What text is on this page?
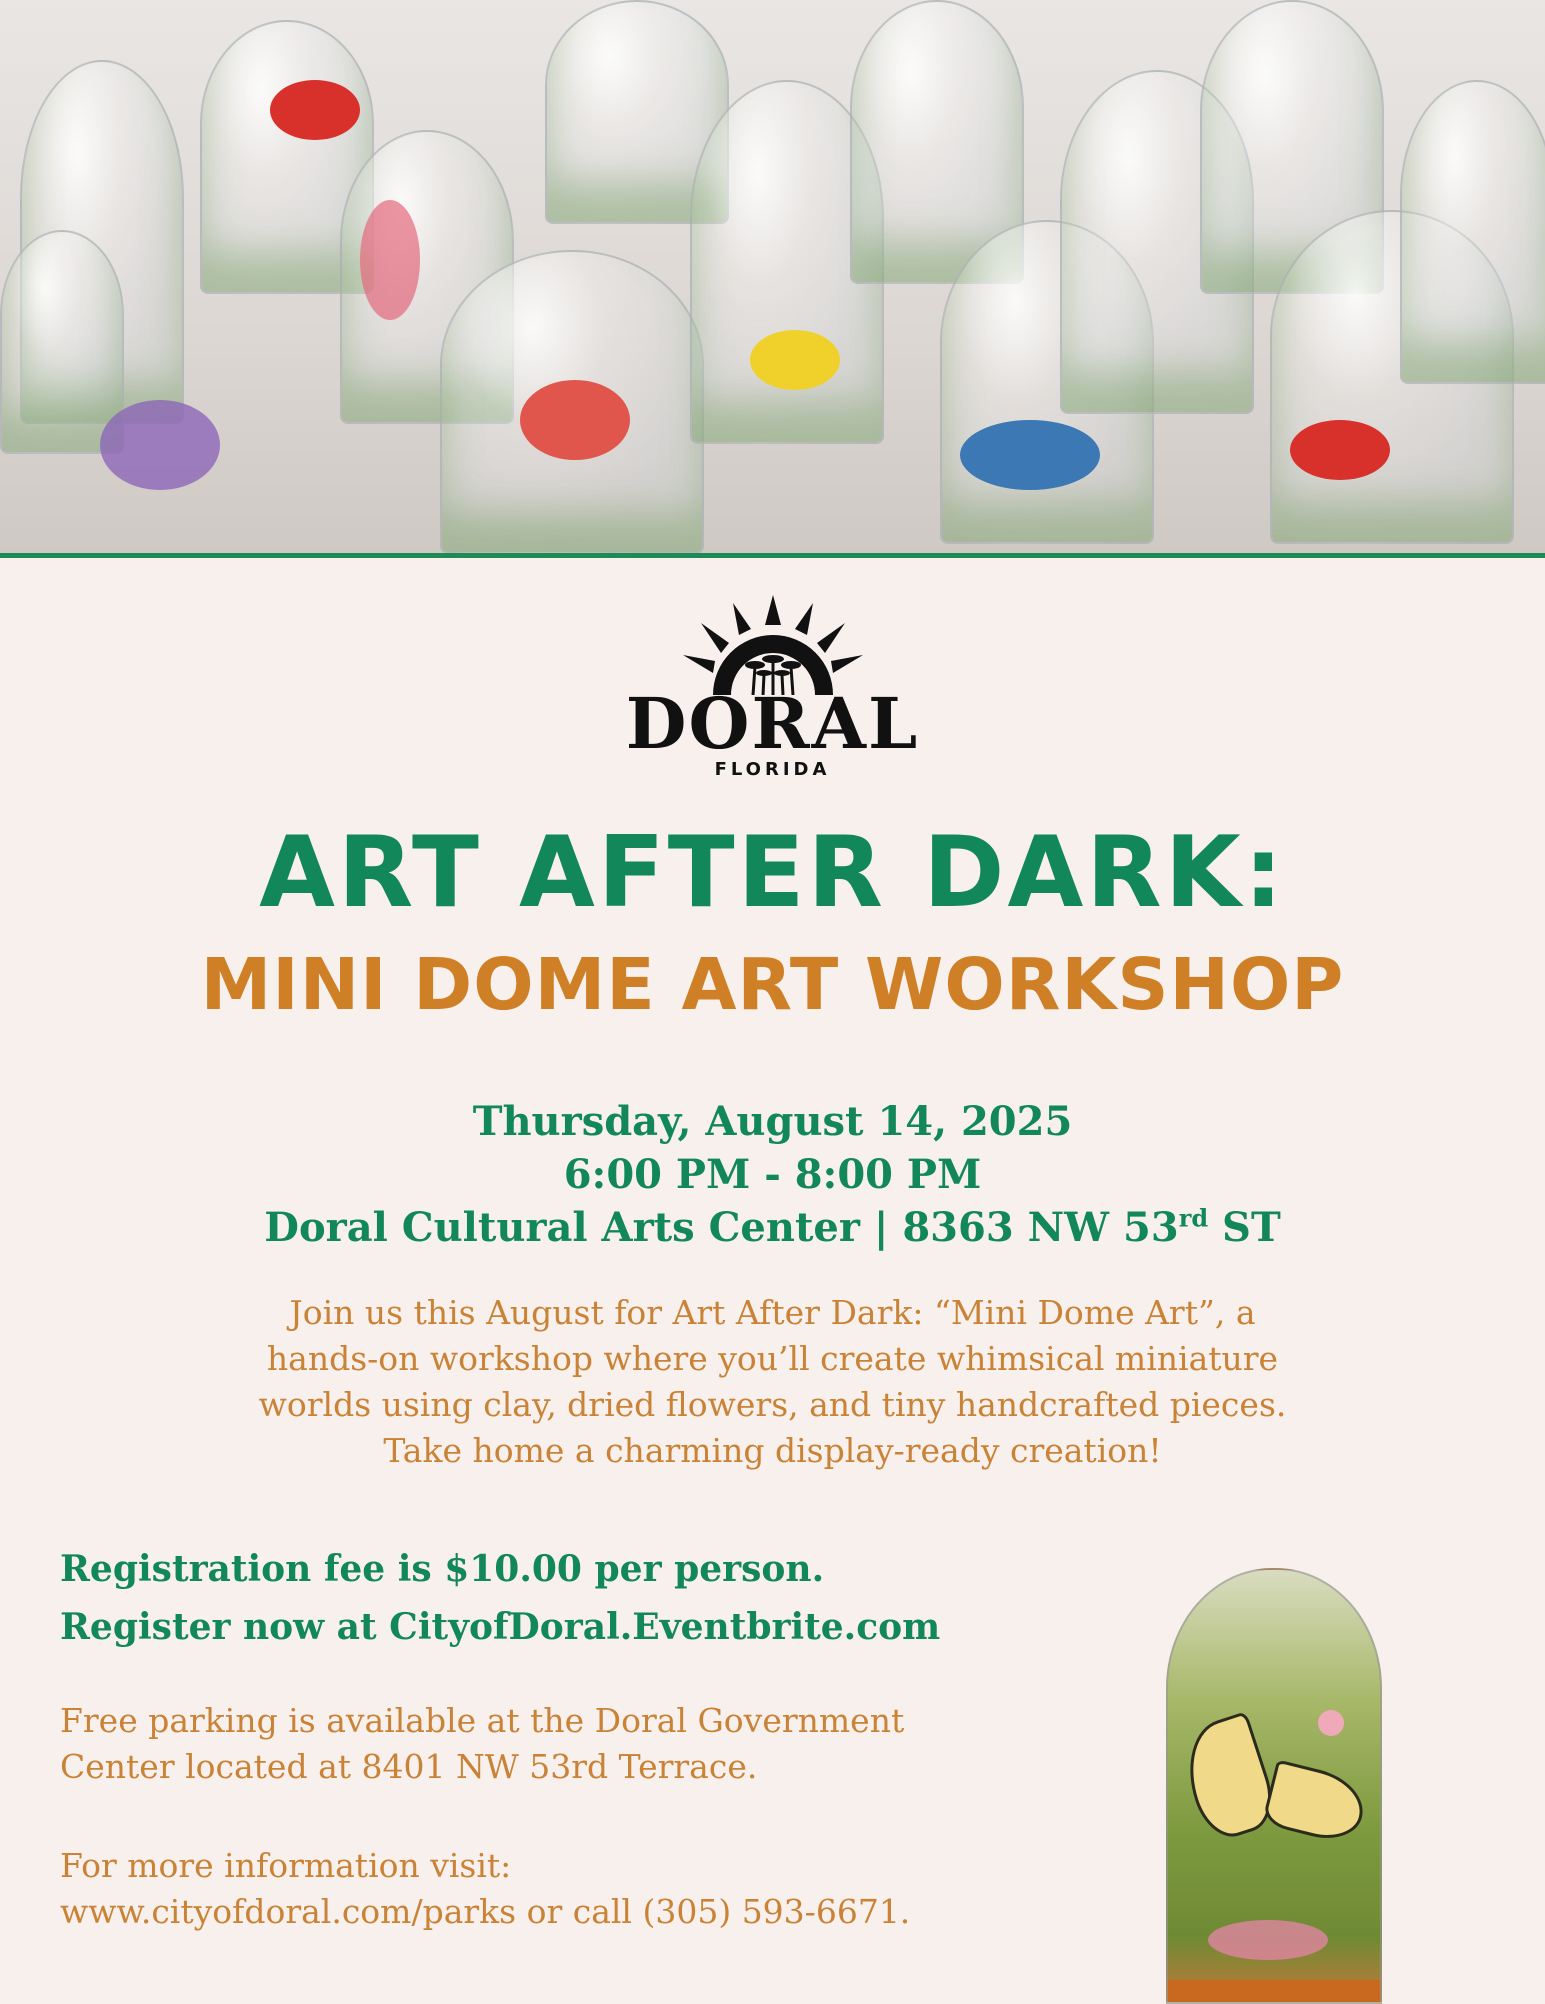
DORAL
FLORIDA
ART AFTER DARK:
MINI DOME ART WORKSHOP
Thursday, August 14, 2025
6:00 PM - 8:00 PM
Doral Cultural Arts Center | 8363 NW 53rd ST
Join us this August for Art After Dark: “Mini Dome Art”, a
hands-on workshop where you’ll create whimsical miniature
worlds using clay, dried flowers, and tiny handcrafted pieces.
Take home a charming display-ready creation!
Registration fee is $10.00 per person.
Register now at CityofDoral.Eventbrite.com
Free parking is available at the Doral Government
Center located at 8401 NW 53rd Terrace.
For more information visit:
www.cityofdoral.com/parks or call (305) 593-6671.
